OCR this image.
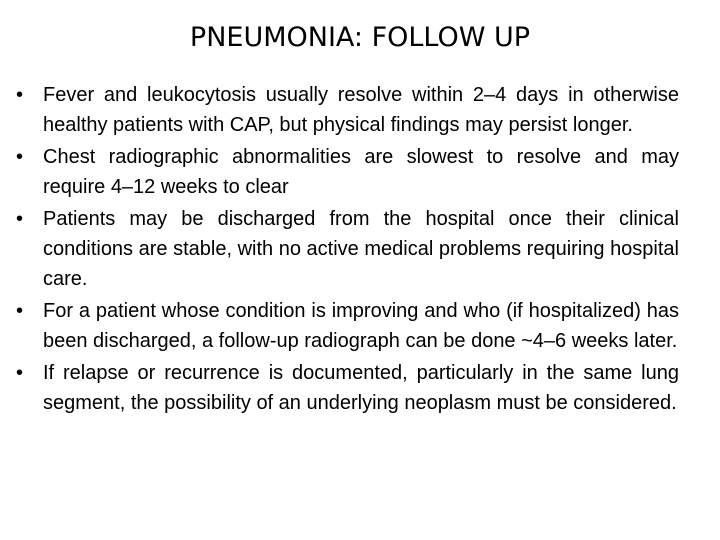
PNEUMONIA: FOLLOW UP
• Fever and leukocytosis usually resolve within 2–4 days in otherwise healthy patients with CAP, but physical findings may persist longer.
• Chest radiographic abnormalities are slowest to resolve and may require 4–12 weeks to clear
• Patients may be discharged from the hospital once their clinical conditions are stable, with no active medical problems requiring hospital care.
• For a patient whose condition is improving and who (if hospitalized) has been discharged, a follow-up radiograph can be done ~4–6 weeks later.
• If relapse or recurrence is documented, particularly in the same lung segment, the possibility of an underlying neoplasm must be considered.
